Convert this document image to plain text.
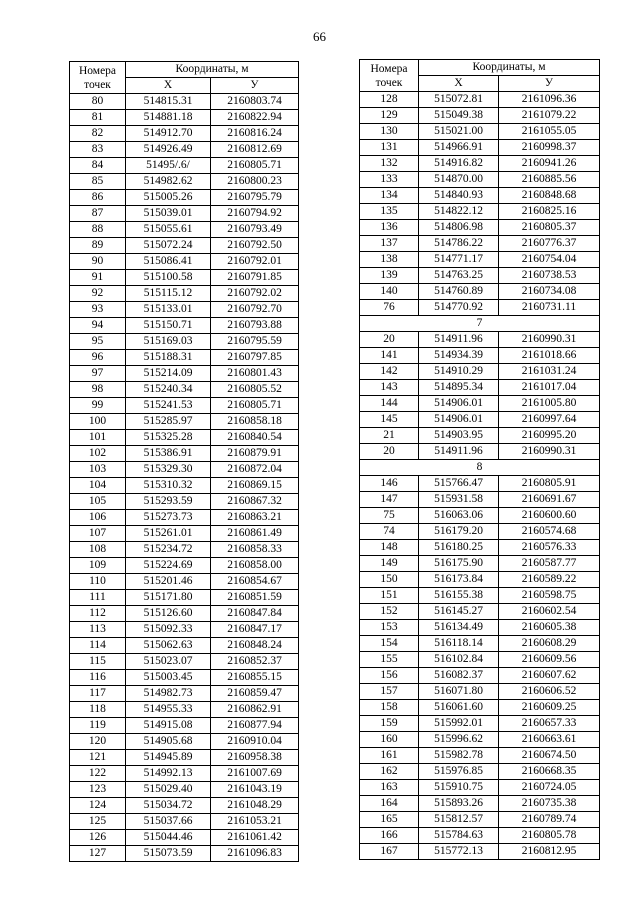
66
Номера
точек	Координаты, м	
	X	У
80	514815.31	2160803.74
81	514881.18	2160822.94
82	514912.70	2160816.24
83	514926.49	2160812.69
84	51495/.6/	2160805.71
85	514982.62	2160800.23
86	515005.26	2160795.79
87	515039.01	2160794.92
88	515055.61	2160793.49
89	515072.24	2160792.50
90	515086.41	2160792.01
91	515100.58	2160791.85
92	515115.12	2160792.02
93	515133.01	2160792.70
94	515150.71	2160793.88
95	515169.03	2160795.59
96	515188.31	2160797.85
97	515214.09	2160801.43
98	515240.34	2160805.52
99	515241.53	2160805.71
100	515285.97	2160858.18
101	515325.28	2160840.54
102	515386.91	2160879.91
103	515329.30	2160872.04
104	515310.32	2160869.15
105	515293.59	2160867.32
106	515273.73	2160863.21
107	515261.01	2160861.49
108	515234.72	2160858.33
109	515224.69	2160858.00
110	515201.46	2160854.67
111	515171.80	2160851.59
112	515126.60	2160847.84
113	515092.33	2160847.17
114	515062.63	2160848.24
115	515023.07	2160852.37
116	515003.45	2160855.15
117	514982.73	2160859.47
118	514955.33	2160862.91
119	514915.08	2160877.94
120	514905.68	2160910.04
121	514945.89	2160958.38
122	514992.13	2161007.69
123	515029.40	2161043.19
124	515034.72	2161048.29
125	515037.66	2161053.21
126	515044.46	2161061.42
127	515073.59	2161096.83
Номера
точек	Координаты, м	
	X	У
128	515072.81	2161096.36
129	515049.38	2161079.22
130	515021.00	2161055.05
131	514966.91	2160998.37
132	514916.82	2160941.26
133	514870.00	2160885.56
134	514840.93	2160848.68
135	514822.12	2160825.16
136	514806.98	2160805.37
137	514786.22	2160776.37
138	514771.17	2160754.04
139	514763.25	2160738.53
140	514760.89	2160734.08
76	514770.92	2160731.11
7		
20	514911.96	2160990.31
141	514934.39	2161018.66
142	514910.29	2161031.24
143	514895.34	2161017.04
144	514906.01	2161005.80
145	514906.01	2160997.64
21	514903.95	2160995.20
20	514911.96	2160990.31
8		
146	515766.47	2160805.91
147	515931.58	2160691.67
75	516063.06	2160600.60
74	516179.20	2160574.68
148	516180.25	2160576.33
149	516175.90	2160587.77
150	516173.84	2160589.22
151	516155.38	2160598.75
152	516145.27	2160602.54
153	516134.49	2160605.38
154	516118.14	2160608.29
155	516102.84	2160609.56
156	516082.37	2160607.62
157	516071.80	2160606.52
158	516061.60	2160609.25
159	515992.01	2160657.33
160	515996.62	2160663.61
161	515982.78	2160674.50
162	515976.85	2160668.35
163	515910.75	2160724.05
164	515893.26	2160735.38
165	515812.57	2160789.74
166	515784.63	2160805.78
167	515772.13	2160812.95
